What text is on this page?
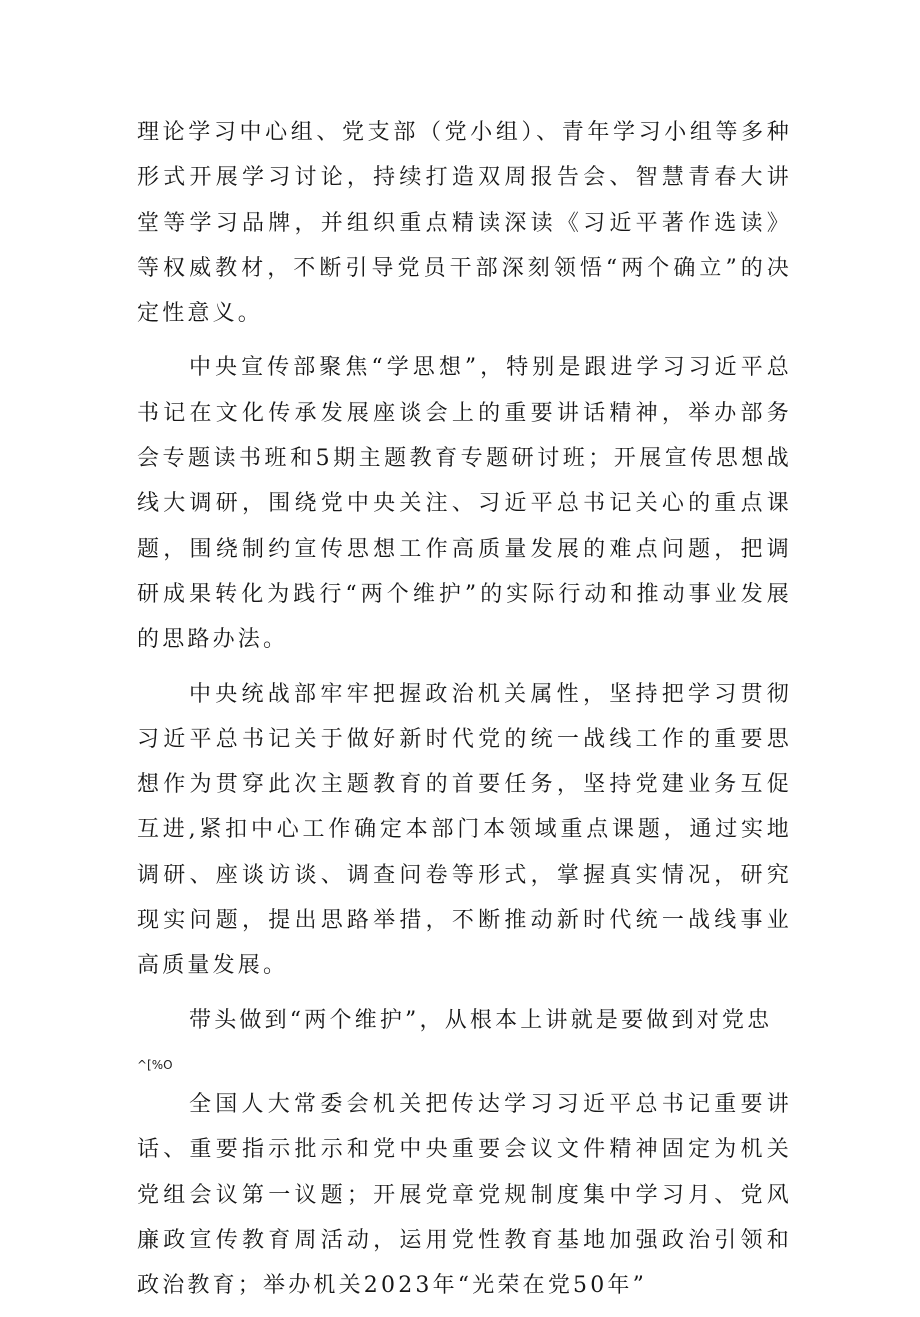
理论学习中心组、党支部（党小组）、青年学习小组等多种形式开展学习讨论，持续打造双周报告会、智慧青春大讲堂等学习品牌，并组织重点精读深读《习近平著作选读》等权威教材，不断引导党员干部深刻领悟“两个确立”的决定性意义。

中央宣传部聚焦“学思想”，特别是跟进学习习近平总书记在文化传承发展座谈会上的重要讲话精神，举办部务会专题读书班和5期主题教育专题研讨班；开展宣传思想战线大调研，围绕党中央关注、习近平总书记关心的重点课题，围绕制约宣传思想工作高质量发展的难点问题，把调研成果转化为践行“两个维护”的实际行动和推动事业发展的思路办法。

中央统战部牢牢把握政治机关属性，坚持把学习贯彻习近平总书记关于做好新时代党的统一战线工作的重要思想作为贯穿此次主题教育的首要任务，坚持党建业务互促互进,紧扣中心工作确定本部门本领域重点课题，通过实地调研、座谈访谈、调查问卷等形式，掌握真实情况，研究现实问题，提出思路举措，不断推动新时代统一战线事业高质量发展。

带头做到“两个维护”，从根本上讲就是要做到对党忠

^[%O

全国人大常委会机关把传达学习习近平总书记重要讲话、重要指示批示和党中央重要会议文件精神固定为机关党组会议第一议题；开展党章党规制度集中学习月、党风廉政宣传教育周活动，运用党性教育基地加强政治引领和政治教育；举办机关2023年“光荣在党50年”
